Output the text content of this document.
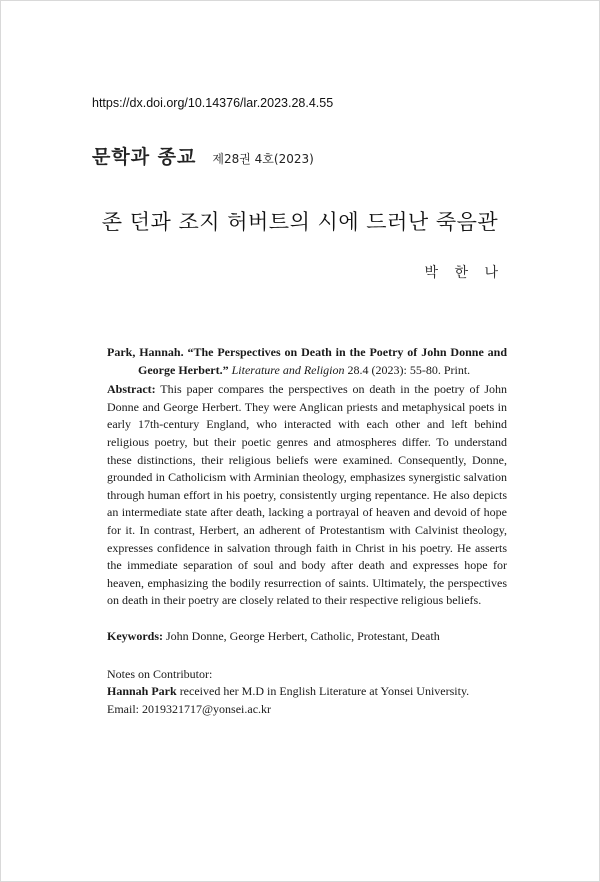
https://dx.doi.org/10.14376/lar.2023.28.4.55
문학과 종교 제28권 4호(2023)
존 던과 조지 허버트의 시에 드러난 죽음관
박 한 나

Park, Hannah. “The Perspectives on Death in the Poetry of John Donne and George Herbert.” Literature and Religion 28.4 (2023): 55-80. Print.

Abstract: This paper compares the perspectives on death in the poetry of John Donne and George Herbert. They were Anglican priests and metaphysical poets in early 17th-century England, who interacted with each other and left behind religious poetry, but their poetic genres and atmospheres differ. To understand these distinctions, their religious beliefs were examined. Consequently, Donne, grounded in Catholicism with Arminian theology, emphasizes synergistic salvation through human effort in his poetry, consistently urging repentance. He also depicts an intermediate state after death, lacking a portrayal of heaven and devoid of hope for it. In contrast, Herbert, an adherent of Protestantism with Calvinist theology, expresses confidence in salvation through faith in Christ in his poetry. He asserts the immediate separation of soul and body after death and expresses hope for heaven, emphasizing the bodily resurrection of saints. Ultimately, the perspectives on death in their poetry are closely related to their respective religious beliefs.

Keywords: John Donne, George Herbert, Catholic, Protestant, Death

Notes on Contributor:

Hannah Park received her M.D in English Literature at Yonsei University.

Email: 2019321717@yonsei.ac.kr
